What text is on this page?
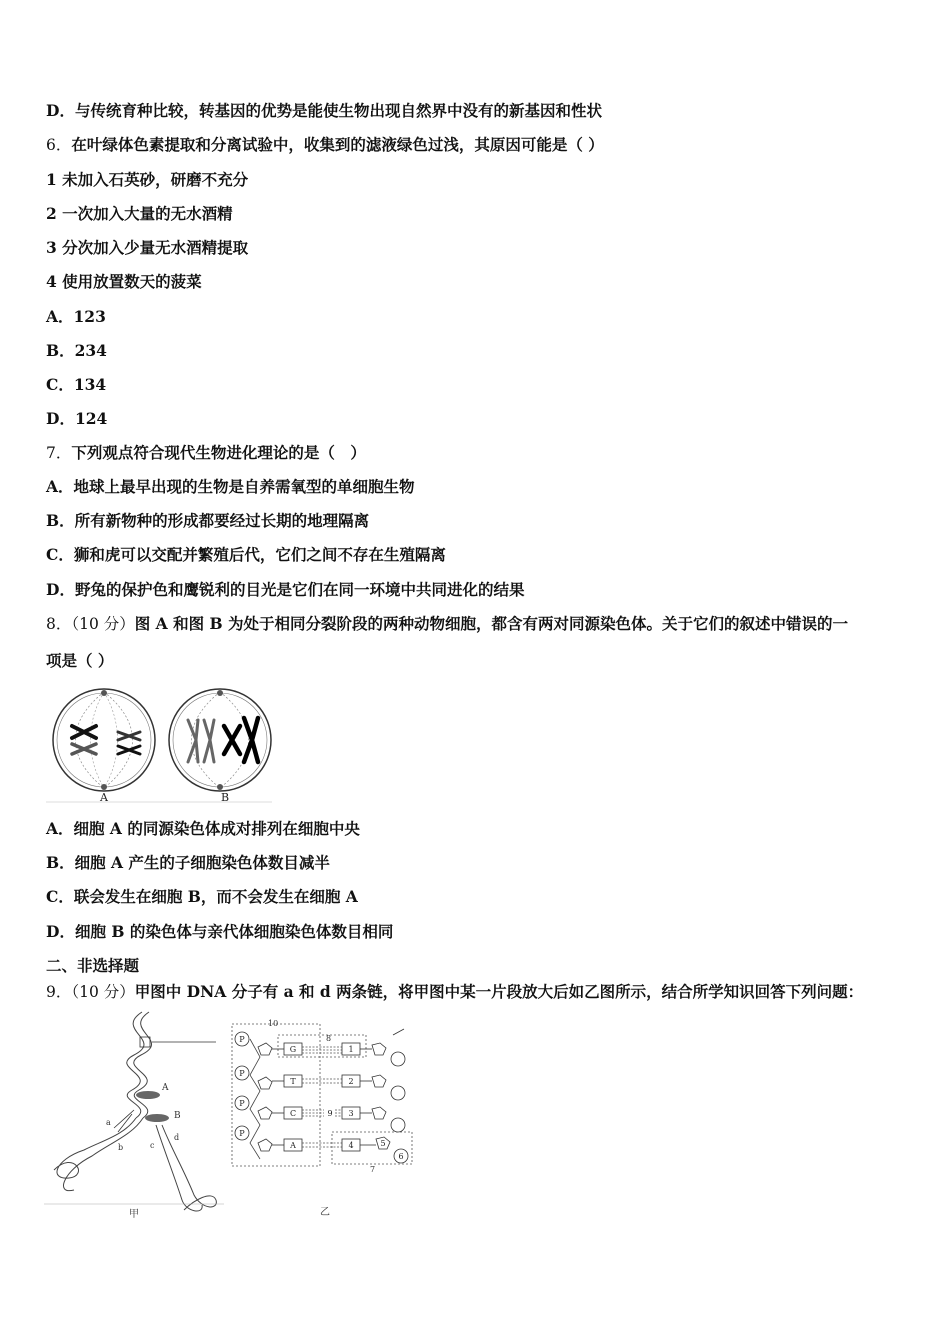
D．与传统育种比较，转基因的优势是能使生物出现自然界中没有的新基因和性状
6．在叶绿体色素提取和分离试验中，收集到的滤液绿色过浅，其原因可能是（ ）
1 未加入石英砂，研磨不充分
2 一次加入大量的无水酒精
3 分次加入少量无水酒精提取
4 使用放置数天的菠菜
A．123
B．234
C．134
D．124
7．下列观点符合现代生物进化理论的是（　）
A．地球上最早出现的生物是自养需氧型的单细胞生物
B．所有新物种的形成都要经过长期的地理隔离
C．狮和虎可以交配并繁殖后代，它们之间不存在生殖隔离
D．野兔的保护色和鹰锐利的目光是它们在同一环境中共同进化的结果
8．（10 分）图 A 和图 B 为处于相同分裂阶段的两种动物细胞，都含有两对同源染色体。关于它们的叙述中错误的一
项是（ ）
A	B
A．细胞 A 的同源染色体成对排列在细胞中央
B．细胞 A 产生的子细胞染色体数目减半
C．联会发生在细胞 B，而不会发生在细胞 A
D．细胞 B 的染色体与亲代体细胞染色体数目相同
二、非选择题
9．（10 分）甲图中 DNA 分子有 a 和 d 两条链，将甲图中某一片段放大后如乙图所示，结合所学知识回答下列问题：
A
B
a
b	c
d
甲
10
8
7
P
G	1
P
T	2
P
C	9 3
P
A	4	5
6
乙
